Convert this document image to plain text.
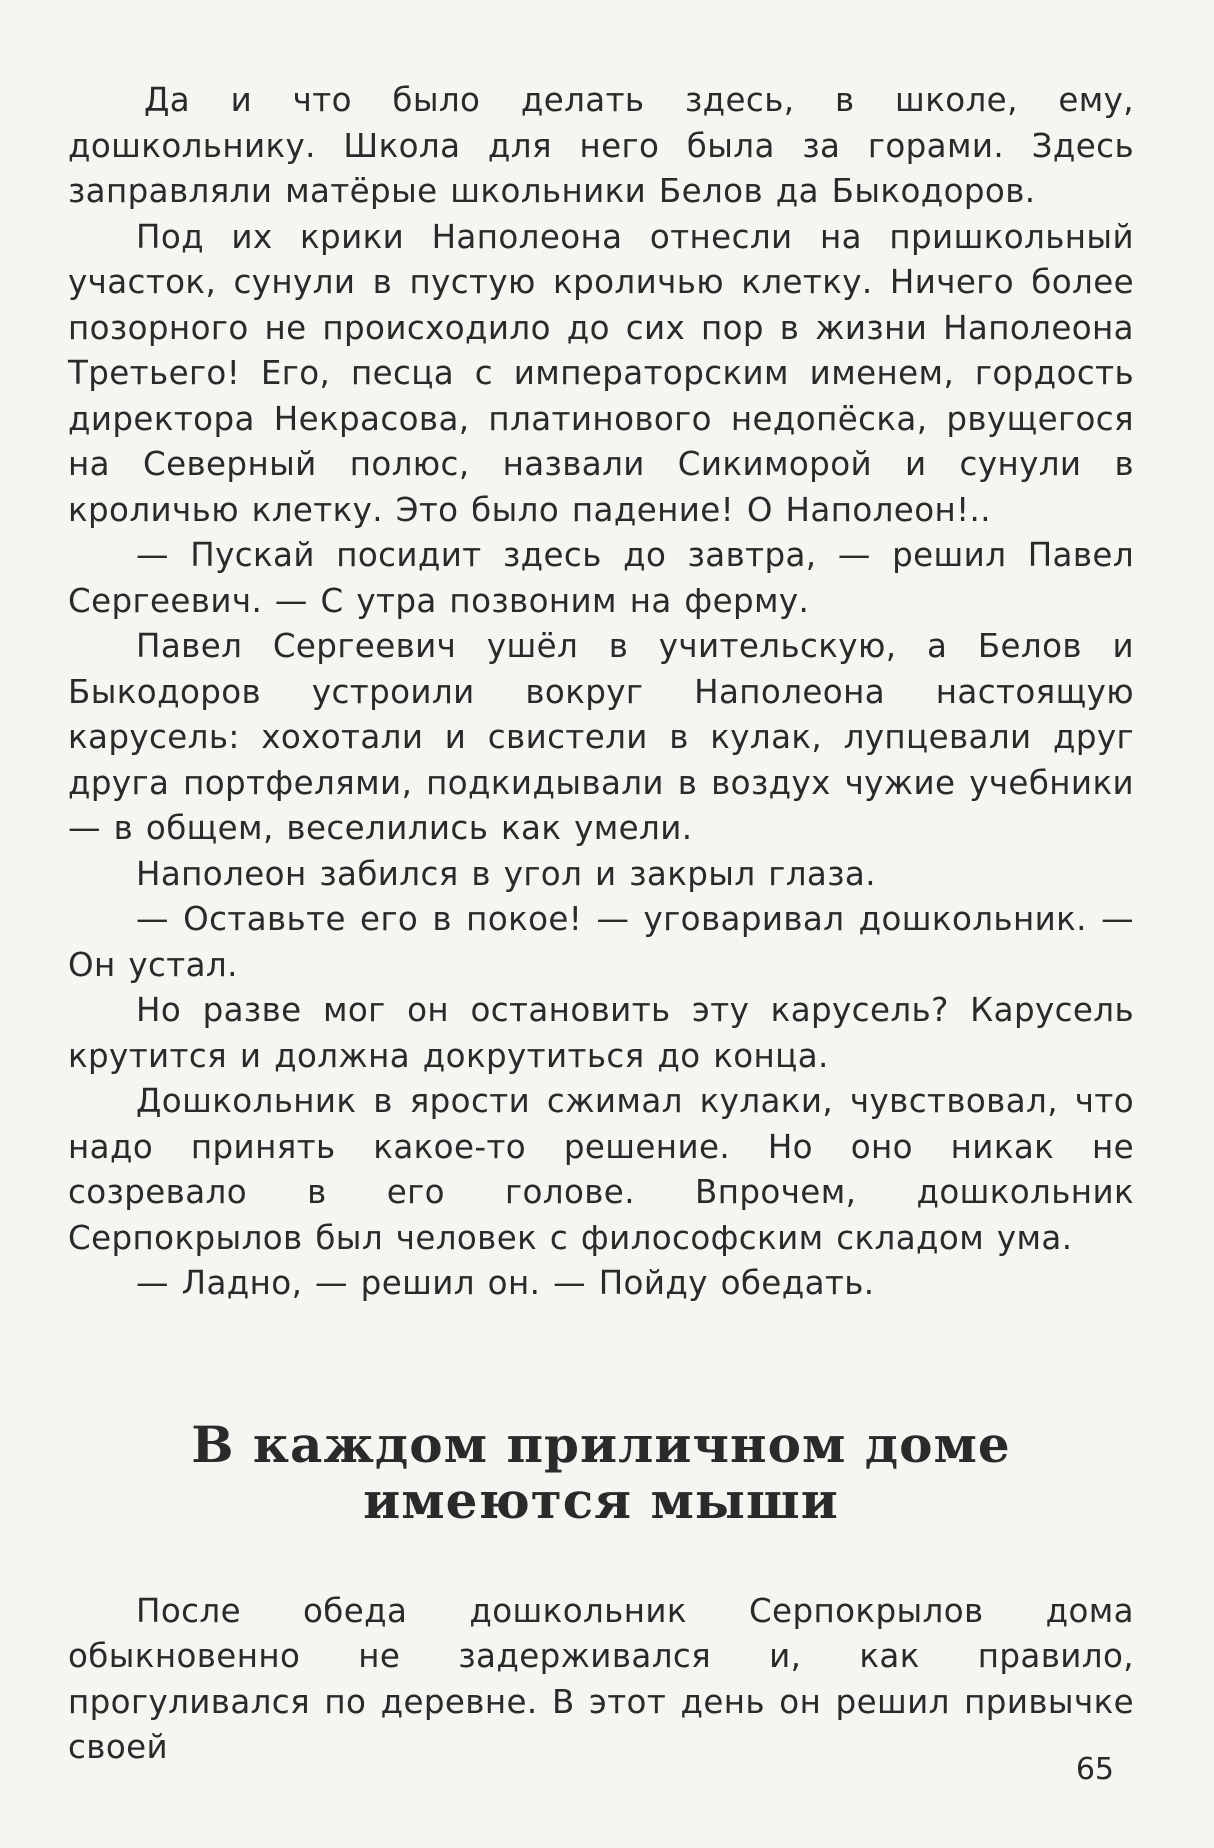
Да и что было делать здесь, в школе, ему, дошкольнику. Школа для него была за горами. Здесь заправляли матёрые школьники Белов да Быкодоров.

Под их крики Наполеона отнесли на пришкольный участок, сунули в пустую кроличью клетку. Ничего более позорного не происходило до сих пор в жизни Наполеона Третьего! Его, песца с императорским именем, гордость директора Некрасова, платинового недопёска, рвущегося на Северный полюс, назвали Сикиморой и сунули в кроличью клетку. Это было падение! О Наполеон!..

— Пускай посидит здесь до завтра, — решил Павел Сергеевич. — С утра позвоним на ферму.

Павел Сергеевич ушёл в учительскую, а Белов и Быкодоров устроили вокруг Наполеона настоящую карусель: хохотали и свистели в кулак, лупцевали друг друга портфелями, подкидывали в воздух чужие учебники — в общем, веселились как умели.

Наполеон забился в угол и закрыл глаза.

— Оставьте его в покое! — уговаривал дошкольник. — Он устал.

Но разве мог он остановить эту карусель? Карусель крутится и должна докрутиться до конца.

Дошкольник в ярости сжимал кулаки, чувствовал, что надо принять какое-то решение. Но оно никак не созревало в его голове. Впрочем, дошкольник Серпокрылов был человек с философским складом ума.

— Ладно, — решил он. — Пойду обедать.

В каждом приличном доме
имеются мыши

После обеда дошкольник Серпокрылов дома обыкновенно не задерживался и, как правило, прогуливался по деревне. В этот день он решил привычке своей

65
